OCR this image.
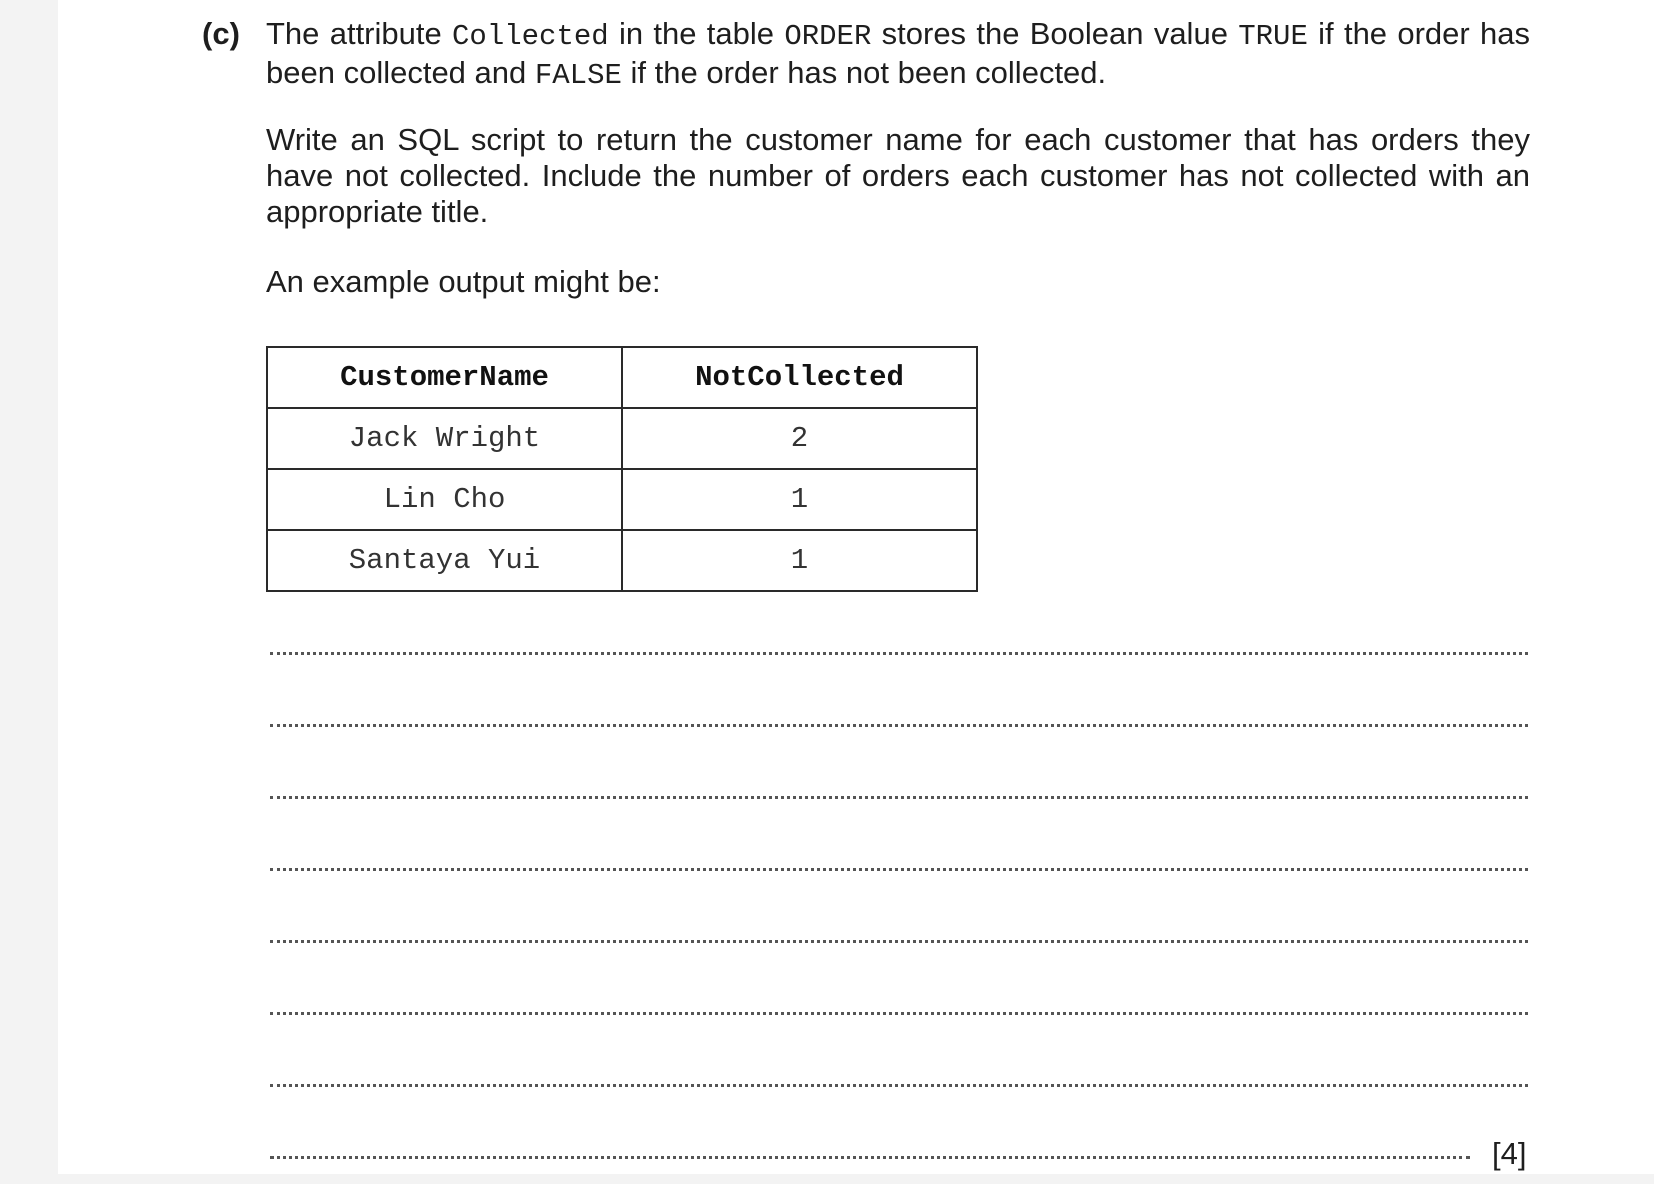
(c) The attribute Collected in the table ORDER stores the Boolean value TRUE if the order has been collected and FALSE if the order has not been collected.

Write an SQL script to return the customer name for each customer that has orders they have not collected. Include the number of orders each customer has not collected with an appropriate title.

An example output might be:

CustomerName	NotCollected
Jack Wright	2
Lin Cho	1
Santaya Yui	1
[4]
